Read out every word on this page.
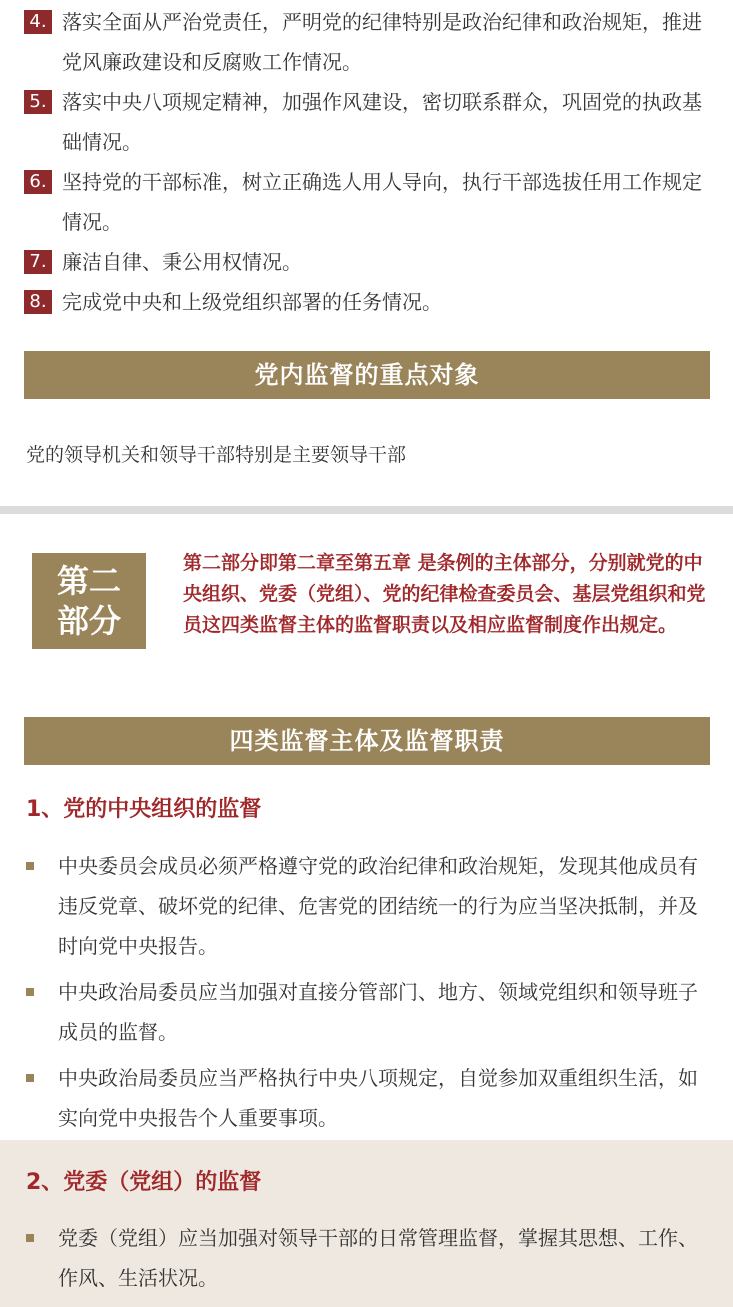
4. 落实全面从严治党责任，严明党的纪律特别是政治纪律和政治规矩，推进党风廉政建设和反腐败工作情况。
5. 落实中央八项规定精神，加强作风建设，密切联系群众，巩固党的执政基础情况。
6. 坚持党的干部标准，树立正确选人用人导向，执行干部选拔任用工作规定情况。
7. 廉洁自律、秉公用权情况。
8. 完成党中央和上级党组织部署的任务情况。
党内监督的重点对象
党的领导机关和领导干部特别是主要领导干部
第二
部分
第二部分即第二章至第五章 是条例的主体部分，分别就党的中央组织、党委（党组）、党的纪律检查委员会、基层党组织和党员这四类监督主体的监督职责以及相应监督制度作出规定。
四类监督主体及监督职责
1、党的中央组织的监督
中央委员会成员必须严格遵守党的政治纪律和政治规矩，发现其他成员有违反党章、破坏党的纪律、危害党的团结统一的行为应当坚决抵制，并及时向党中央报告。
中央政治局委员应当加强对直接分管部门、地方、领域党组织和领导班子成员的监督。
中央政治局委员应当严格执行中央八项规定，自觉参加双重组织生活，如实向党中央报告个人重要事项。
2、党委（党组）的监督
党委（党组）应当加强对领导干部的日常管理监督，掌握其思想、工作、作风、生活状况。
